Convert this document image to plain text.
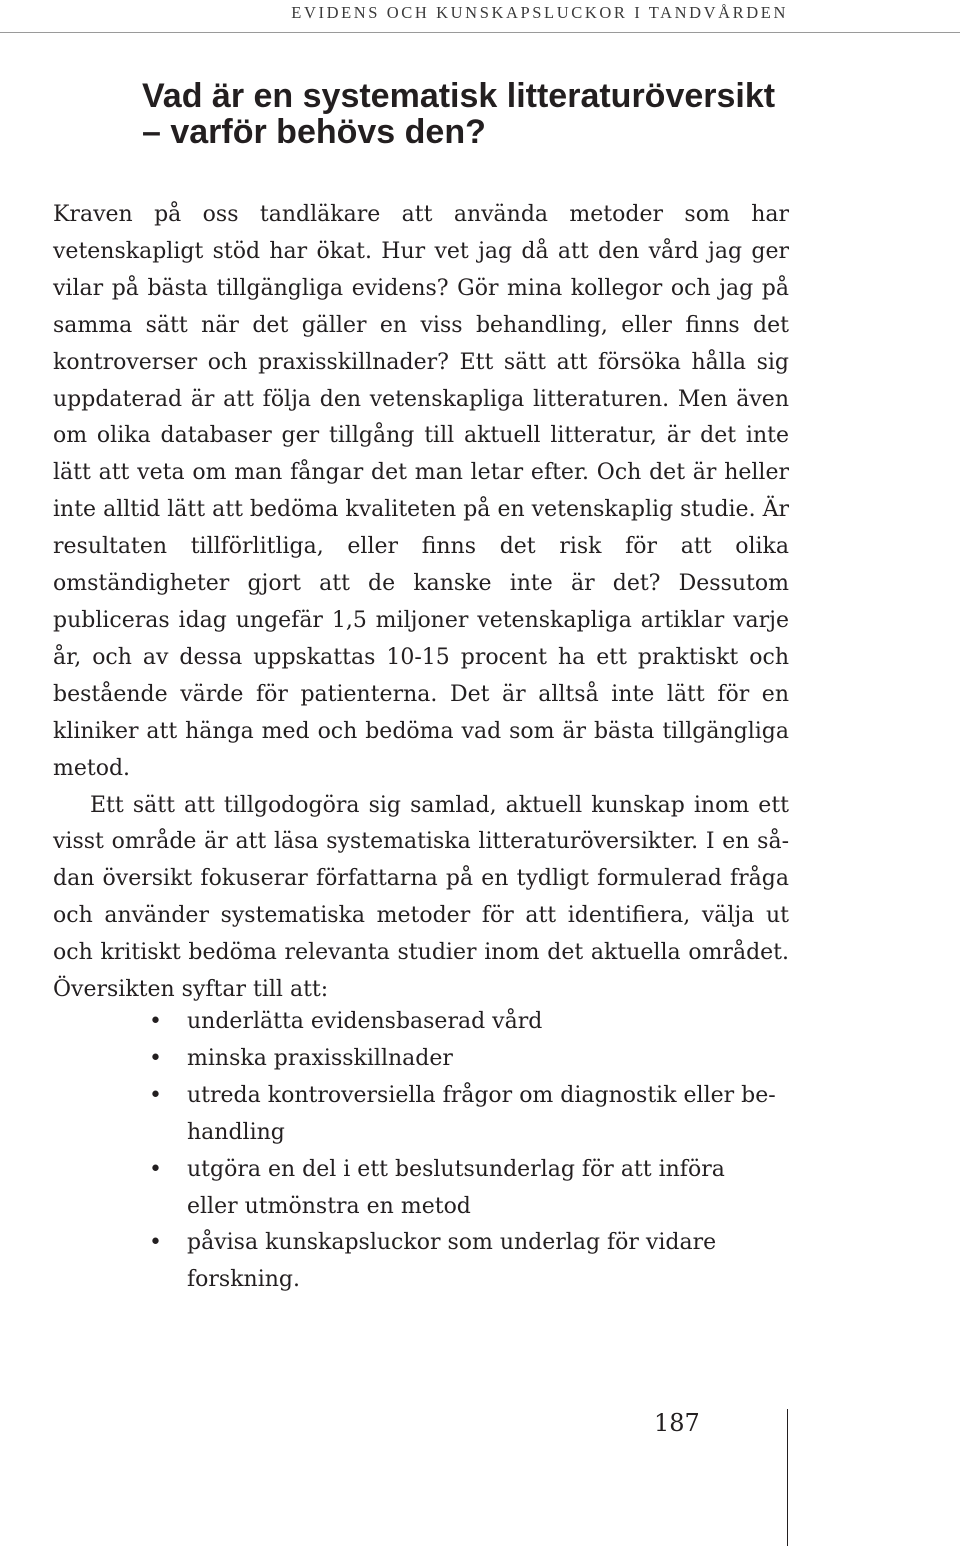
EVIDENS OCH KUNSKAPSLUCKOR I TANDVÅRDEN
Vad är en systematisk litteraturöversikt
– varför behövs den?

Kraven på oss tandläkare att använda metoder som har vetenskapligt stöd har ökat. Hur vet jag då att den vård jag ger vilar på bästa tillgängliga evidens? Gör mina kollegor och jag på samma sätt när det gäller en viss behandling, eller finns det kontroverser och praxisskillnader? Ett sätt att försöka hålla sig uppdaterad är att följa den vetenskapliga litteraturen. Men även om olika databaser ger tillgång till aktuell litteratur, är det inte lätt att veta om man fångar det man letar efter. Och det är heller inte alltid lätt att bedöma kvaliteten på en vetenskaplig studie. Är resultaten tillförlitliga, eller finns det risk för att olika omständigheter gjort att de kanske inte är det? Dessutom publiceras idag ungefär 1,5 miljoner vetenskapliga artiklar varje år, och av dessa uppskattas 10-15 procent ha ett praktiskt och bestående värde för patienterna. Det är alltså inte lätt för en kliniker att hänga med och bedöma vad som är bästa tillgängliga metod.

Ett sätt att tillgodogöra sig samlad, aktuell kunskap inom ett visst område är att läsa systematiska litteraturöversikter. I en sådan översikt fokuserar författarna på en tydligt formulerad fråga och använder systematiska metoder för att identifiera, välja ut och kritiskt bedöma relevanta studier inom det aktuella området. Översikten syftar till att:

• underlätta evidensbaserad vård
• minska praxisskillnader
• utreda kontroversiella frågor om diagnostik eller behandling
• utgöra en del i ett beslutsunderlag för att införa eller utmönstra en metod
• påvisa kunskapsluckor som underlag för vidare forskning.
187
